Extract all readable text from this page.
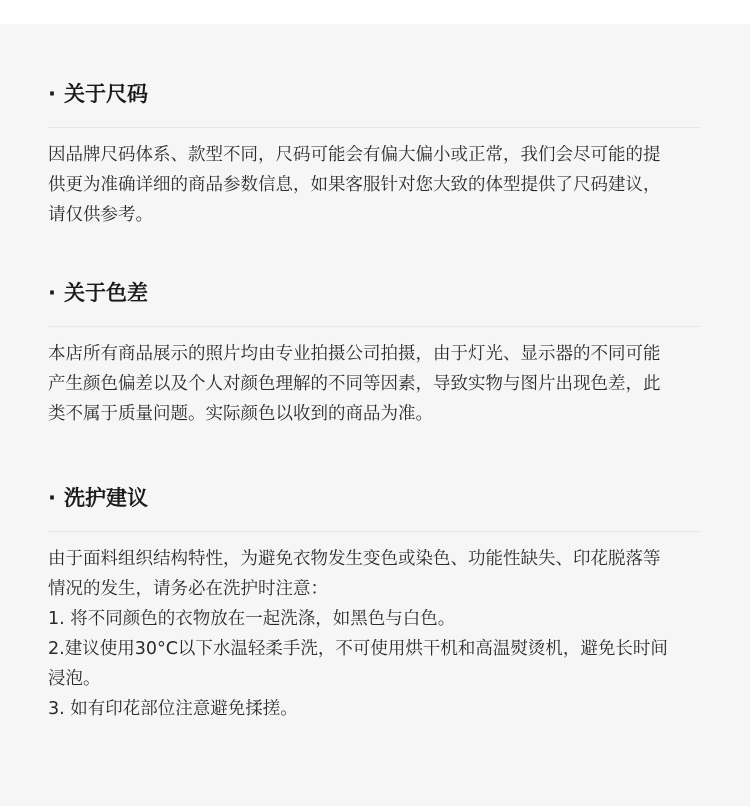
· 关于尺码
因品牌尺码体系、款型不同，尺码可能会有偏大偏小或正常，我们会尽可能的提
供更为准确详细的商品参数信息，如果客服针对您大致的体型提供了尺码建议，
请仅供参考。
· 关于色差
本店所有商品展示的照片均由专业拍摄公司拍摄，由于灯光、显示器的不同可能
产生颜色偏差以及个人对颜色理解的不同等因素，导致实物与图片出现色差，此
类不属于质量问题。实际颜色以收到的商品为准。
· 洗护建议
由于面料组织结构特性，为避免衣物发生变色或染色、功能性缺失、印花脱落等
情况的发生，请务必在洗护时注意：
1. 将不同颜色的衣物放在一起洗涤，如黑色与白色。
2.建议使用30°C以下水温轻柔手洗，不可使用烘干机和高温熨烫机，避免长时间
浸泡。
3. 如有印花部位注意避免揉搓。
